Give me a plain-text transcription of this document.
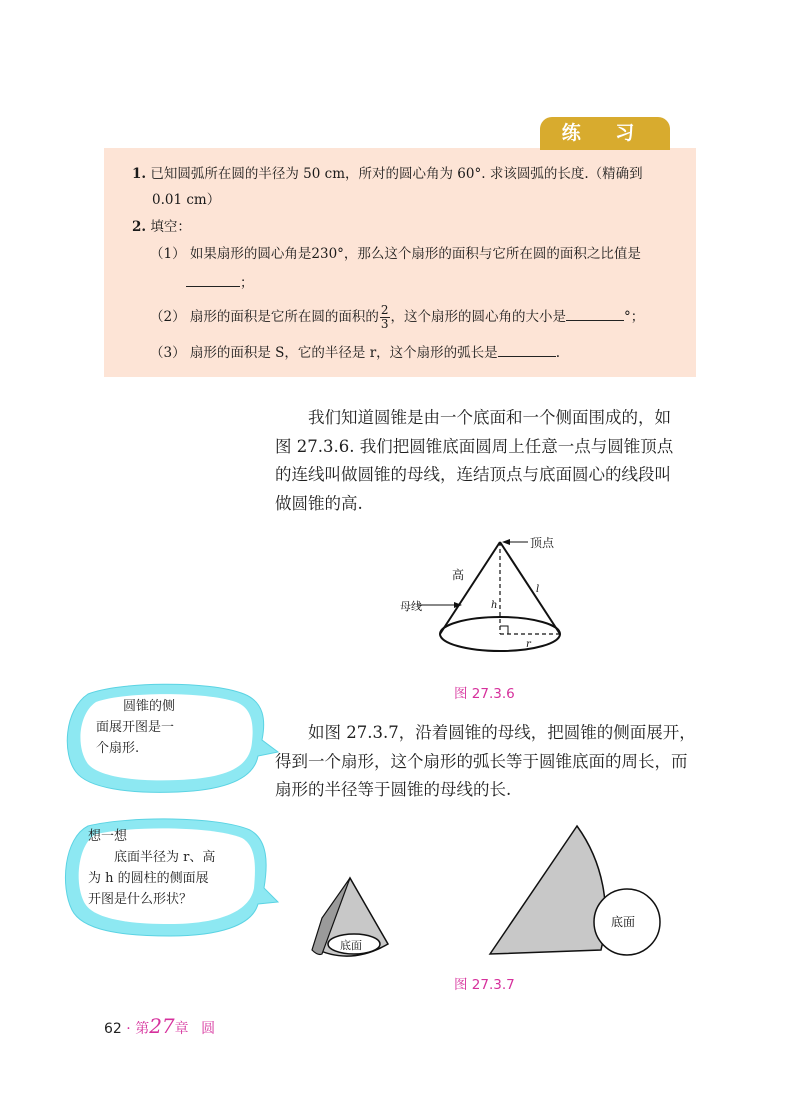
练 习
1. 已知圆弧所在圆的半径为 50 cm，所对的圆心角为 60°. 求该圆弧的长度.（精确到
0.01 cm）
2. 填空：
（1） 如果扇形的圆心角是230°，那么这个扇形的面积与它所在圆的面积之比值是
；
（2） 扇形的面积是它所在圆的面积的 $\frac{2}{3}$ ，这个扇形的圆心角的大小是	°；
（3） 扇形的面积是 S，它的半径是 r，这个扇形的弧长是	.
我们知道圆锥是由一个底面和一个侧面围成的，如
图 27.3.6. 我们把圆锥底面圆周上任意一点与圆锥顶点
的连线叫做圆锥的母线，连结顶点与底面圆心的线段叫
做圆锥的高.
顶点
高
母线	h
l
r
图 27.3.6
圆锥的侧
面展开图是一
个扇形.
如图 27.3.7，沿着圆锥的母线，把圆锥的侧面展开，
得到一个扇形，这个扇形的弧长等于圆锥底面的周长，而
扇形的半径等于圆锥的母线的长.
想一想
底面半径为 r、高
为 h 的圆柱的侧面展
开图是什么形状？
底面
底面
图 27.3.7
62 · 第27章 圆
